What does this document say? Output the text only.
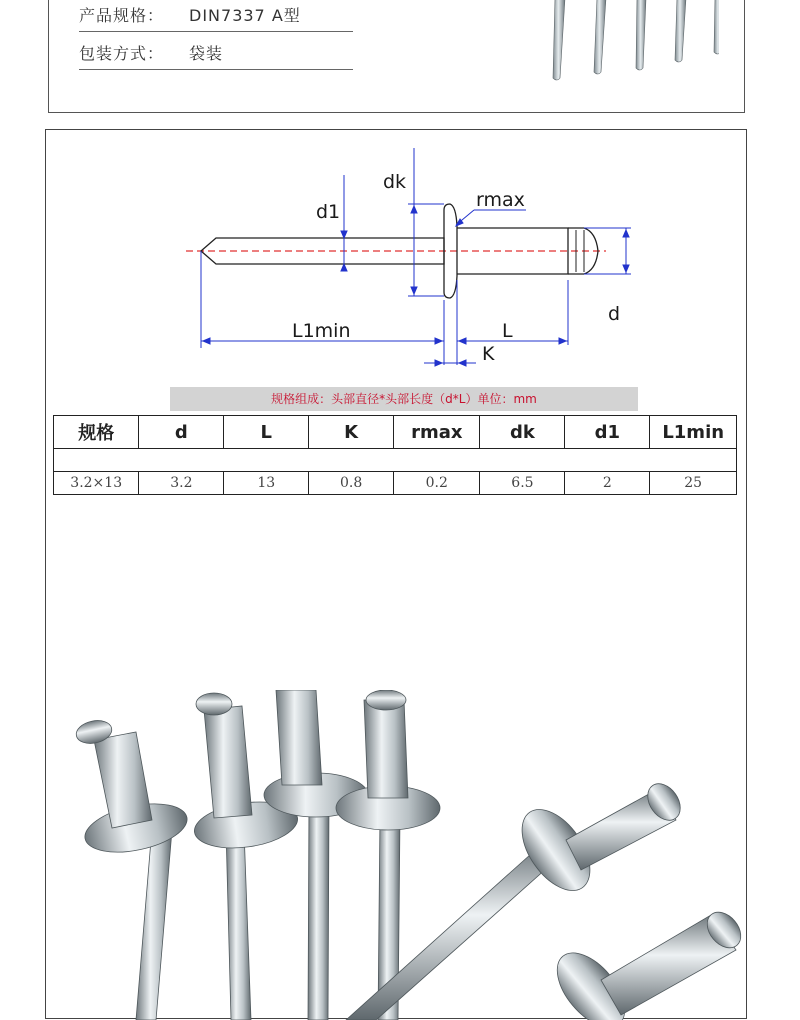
产品规格： DIN7337 A型
包装方式： 袋装
dk
d1
rmax
d
L1min	L
K
规格组成：头部直径*头部长度（d*L）单位：mm
规格	d	L	K	rmax	dk	d1	L1min

3.2×13	3.2	13	0.8	0.2	6.5	2	25
